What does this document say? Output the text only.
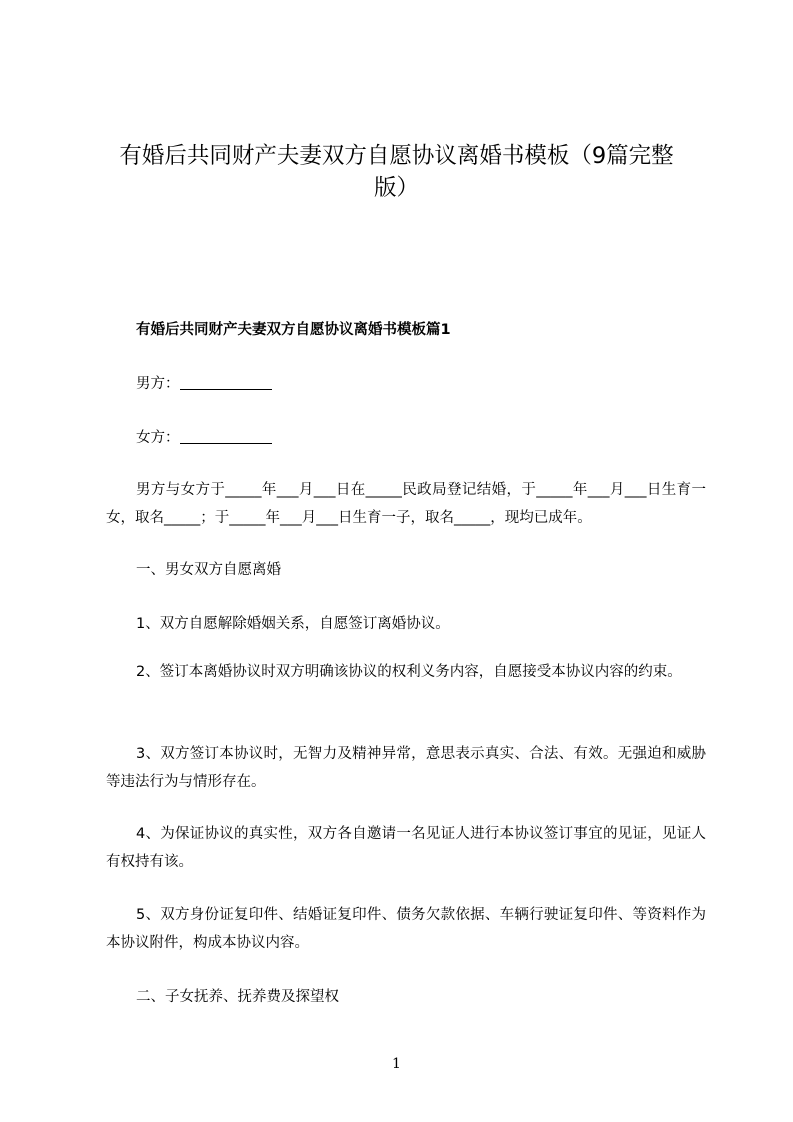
有婚后共同财产夫妻双方自愿协议离婚书模板（9篇完整版）
有婚后共同财产夫妻双方自愿协议离婚书模板篇1
男方：
女方：

男方与女方于_____年___月___日在_____民政局登记结婚，于_____年___月___日生育一女，取名_____；于_____年___月___日生育一子，取名_____，现均已成年。

一、男女双方自愿离婚

1、双方自愿解除婚姻关系，自愿签订离婚协议。

2、签订本离婚协议时双方明确该协议的权利义务内容，自愿接受本协议内容的约束。

3、双方签订本协议时，无智力及精神异常，意思表示真实、合法、有效。无强迫和威胁等违法行为与情形存在。

4、为保证协议的真实性，双方各自邀请一名见证人进行本协议签订事宜的见证，见证人有权持有该。

5、双方身份证复印件、结婚证复印件、债务欠款依据、车辆行驶证复印件、等资料作为本协议附件，构成本协议内容。

二、子女抚养、抚养费及探望权

1
